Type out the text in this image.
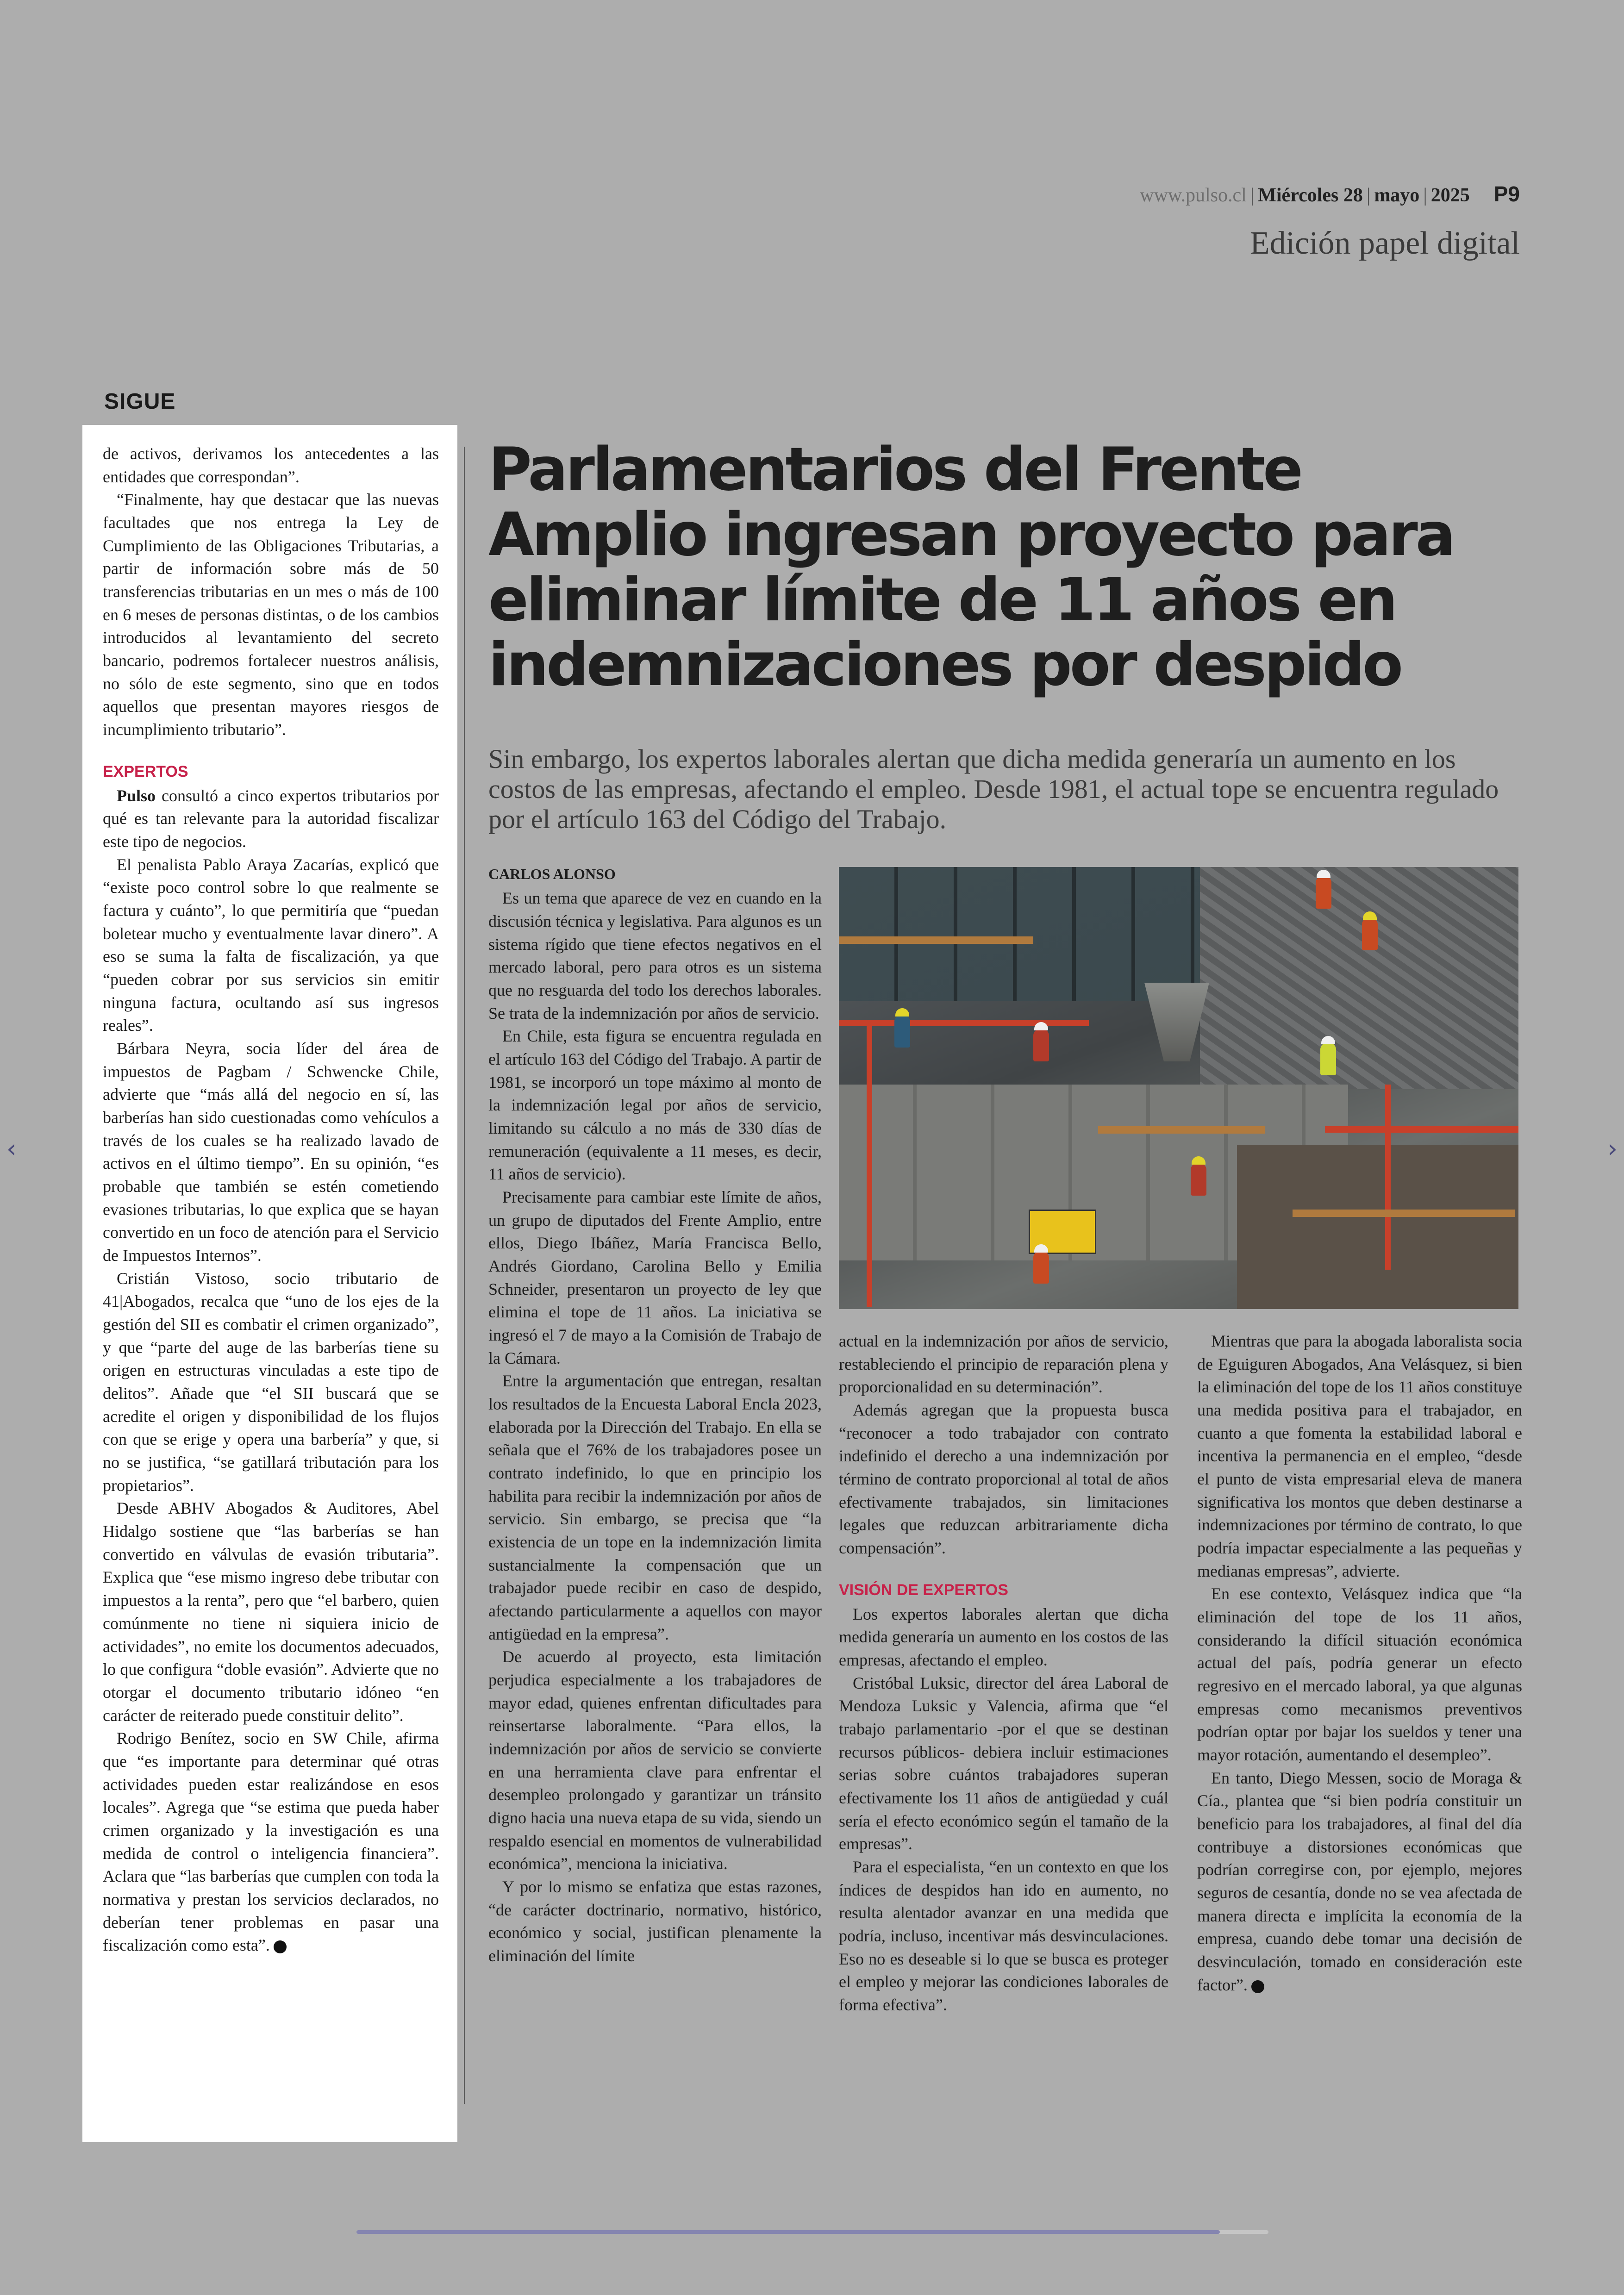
www.pulso.cl | Miércoles 28 | mayo | 2025 P9
Edición papel digital
SIGUE

de activos, derivamos los antecedentes a las entidades que correspondan”.

“Finalmente, hay que destacar que las nuevas facultades que nos entrega la Ley de Cumplimiento de las Obligaciones Tributarias, a partir de información sobre más de 50 transferencias tributarias en un mes o más de 100 en 6 meses de personas distintas, o de los cambios introducidos al levantamiento del secreto bancario, podremos fortalecer nuestros análisis, no sólo de este segmento, sino que en todos aquellos que presentan mayores riesgos de incumplimiento tributario”.

EXPERTOS

Pulso consultó a cinco expertos tributarios por qué es tan relevante para la autoridad fiscalizar este tipo de negocios.

El penalista Pablo Araya Zacarías, explicó que “existe poco control sobre lo que realmente se factura y cuánto”, lo que permitiría que “puedan boletear mucho y eventualmente lavar dinero”. A eso se suma la falta de fiscalización, ya que “pueden cobrar por sus servicios sin emitir ninguna factura, ocultando así sus ingresos reales”.

Bárbara Neyra, socia líder del área de impuestos de Pagbam / Schwencke Chile, advierte que “más allá del negocio en sí, las barberías han sido cuestionadas como vehículos a través de los cuales se ha realizado lavado de activos en el último tiempo”. En su opinión, “es probable que también se estén cometiendo evasiones tributarias, lo que explica que se hayan convertido en un foco de atención para el Servicio de Impuestos Internos”.

Cristián Vistoso, socio tributario de 41|Abogados, recalca que “uno de los ejes de la gestión del SII es combatir el crimen organizado”, y que “parte del auge de las barberías tiene su origen en estructuras vinculadas a este tipo de delitos”. Añade que “el SII buscará que se acredite el origen y disponibilidad de los flujos con que se erige y opera una barbería” y que, si no se justifica, “se gatillará tributación para los propietarios”.

Desde ABHV Abogados & Auditores, Abel Hidalgo sostiene que “las barberías se han convertido en válvulas de evasión tributaria”. Explica que “ese mismo ingreso debe tributar con impuestos a la renta”, pero que “el barbero, quien comúnmente no tiene ni siquiera inicio de actividades”, no emite los documentos adecuados, lo que configura “doble evasión”. Advierte que no otorgar el documento tributario idóneo “en carácter de reiterado puede constituir delito”.

Rodrigo Benítez, socio en SW Chile, afirma que “es importante para determinar qué otras actividades pueden estar realizándose en esos locales”. Agrega que “se estima que pueda haber crimen organizado y la investigación es una medida de control o inteligencia financiera”. Aclara que “las barberías que cumplen con toda la normativa y prestan los servicios declarados, no deberían tener problemas en pasar una fiscalización como esta”.

Parlamentarios del Frente Amplio ingresan proyecto para eliminar límite de 11 años en indemnizaciones por despido
Sin embargo, los expertos laborales alertan que dicha medida generaría un aumento en los costos de las empresas, afectando el empleo. Desde 1981, el actual tope se encuentra regulado por el artículo 163 del Código del Trabajo.
CARLOS ALONSO

Es un tema que aparece de vez en cuando en la discusión técnica y legislativa. Para algunos es un sistema rígido que tiene efectos negativos en el mercado laboral, pero para otros es un sistema que no resguarda del todo los derechos laborales. Se trata de la indemnización por años de servicio.

En Chile, esta figura se encuentra regulada en el artículo 163 del Código del Trabajo. A partir de 1981, se incorporó un tope máximo al monto de la indemnización legal por años de servicio, limitando su cálculo a no más de 330 días de remuneración (equivalente a 11 meses, es decir, 11 años de servicio).

Precisamente para cambiar este límite de años, un grupo de diputados del Frente Amplio, entre ellos, Diego Ibáñez, María Francisca Bello, Andrés Giordano, Carolina Bello y Emilia Schneider, presentaron un proyecto de ley que elimina el tope de 11 años. La iniciativa se ingresó el 7 de mayo a la Comisión de Trabajo de la Cámara.

Entre la argumentación que entregan, resaltan los resultados de la Encuesta Laboral Encla 2023, elaborada por la Dirección del Trabajo. En ella se señala que el 76% de los trabajadores posee un contrato indefinido, lo que en principio los habilita para recibir la indemnización por años de servicio. Sin embargo, se precisa que “la existencia de un tope en la indemnización limita sustancialmente la compensación que un trabajador puede recibir en caso de despido, afectando particularmente a aquellos con mayor antigüedad en la empresa”.

De acuerdo al proyecto, esta limitación perjudica especialmente a los trabajadores de mayor edad, quienes enfrentan dificultades para reinsertarse laboralmente. “Para ellos, la indemnización por años de servicio se convierte en una herramienta clave para enfrentar el desempleo prolongado y garantizar un tránsito digno hacia una nueva etapa de su vida, siendo un respaldo esencial en momentos de vulnerabilidad económica”, menciona la iniciativa.

Y por lo mismo se enfatiza que estas razones, “de carácter doctrinario, normativo, histórico, económico y social, justifican plenamente la eliminación del límite

actual en la indemnización por años de servicio, restableciendo el principio de reparación plena y proporcionalidad en su determinación”.

Además agregan que la propuesta busca “reconocer a todo trabajador con contrato indefinido el derecho a una indemnización por término de contrato proporcional al total de años efectivamente trabajados, sin limitaciones legales que reduzcan arbitrariamente dicha compensación”.

VISIÓN DE EXPERTOS

Los expertos laborales alertan que dicha medida generaría un aumento en los costos de las empresas, afectando el empleo.

Cristóbal Luksic, director del área Laboral de Mendoza Luksic y Valencia, afirma que “el trabajo parlamentario -por el que se destinan recursos públicos- debiera incluir estimaciones serias sobre cuántos trabajadores superan efectivamente los 11 años de antigüedad y cuál sería el efecto económico según el tamaño de la empresas”.

Para el especialista, “en un contexto en que los índices de despidos han ido en aumento, no resulta alentador avanzar en una medida que podría, incluso, incentivar más desvinculaciones. Eso no es deseable si lo que se busca es proteger el empleo y mejorar las condiciones laborales de forma efectiva”.

Mientras que para la abogada laboralista socia de Eguiguren Abogados, Ana Velásquez, si bien la eliminación del tope de los 11 años constituye una medida positiva para el trabajador, en cuanto a que fomenta la estabilidad laboral e incentiva la permanencia en el empleo, “desde el punto de vista empresarial eleva de manera significativa los montos que deben destinarse a indemnizaciones por término de contrato, lo que podría impactar especialmente a las pequeñas y medianas empresas”, advierte.

En ese contexto, Velásquez indica que “la eliminación del tope de los 11 años, considerando la difícil situación económica actual del país, podría generar un efecto regresivo en el mercado laboral, ya que algunas empresas como mecanismos preventivos podrían optar por bajar los sueldos y tener una mayor rotación, aumentando el desempleo”.

En tanto, Diego Messen, socio de Moraga & Cía., plantea que “si bien podría constituir un beneficio para los trabajadores, al final del día contribuye a distorsiones económicas que podrían corregirse con, por ejemplo, mejores seguros de cesantía, donde no se vea afectada de manera directa e implícita la economía de la empresa, cuando debe tomar una decisión de desvinculación, tomado en consideración este factor”.

‹	›
